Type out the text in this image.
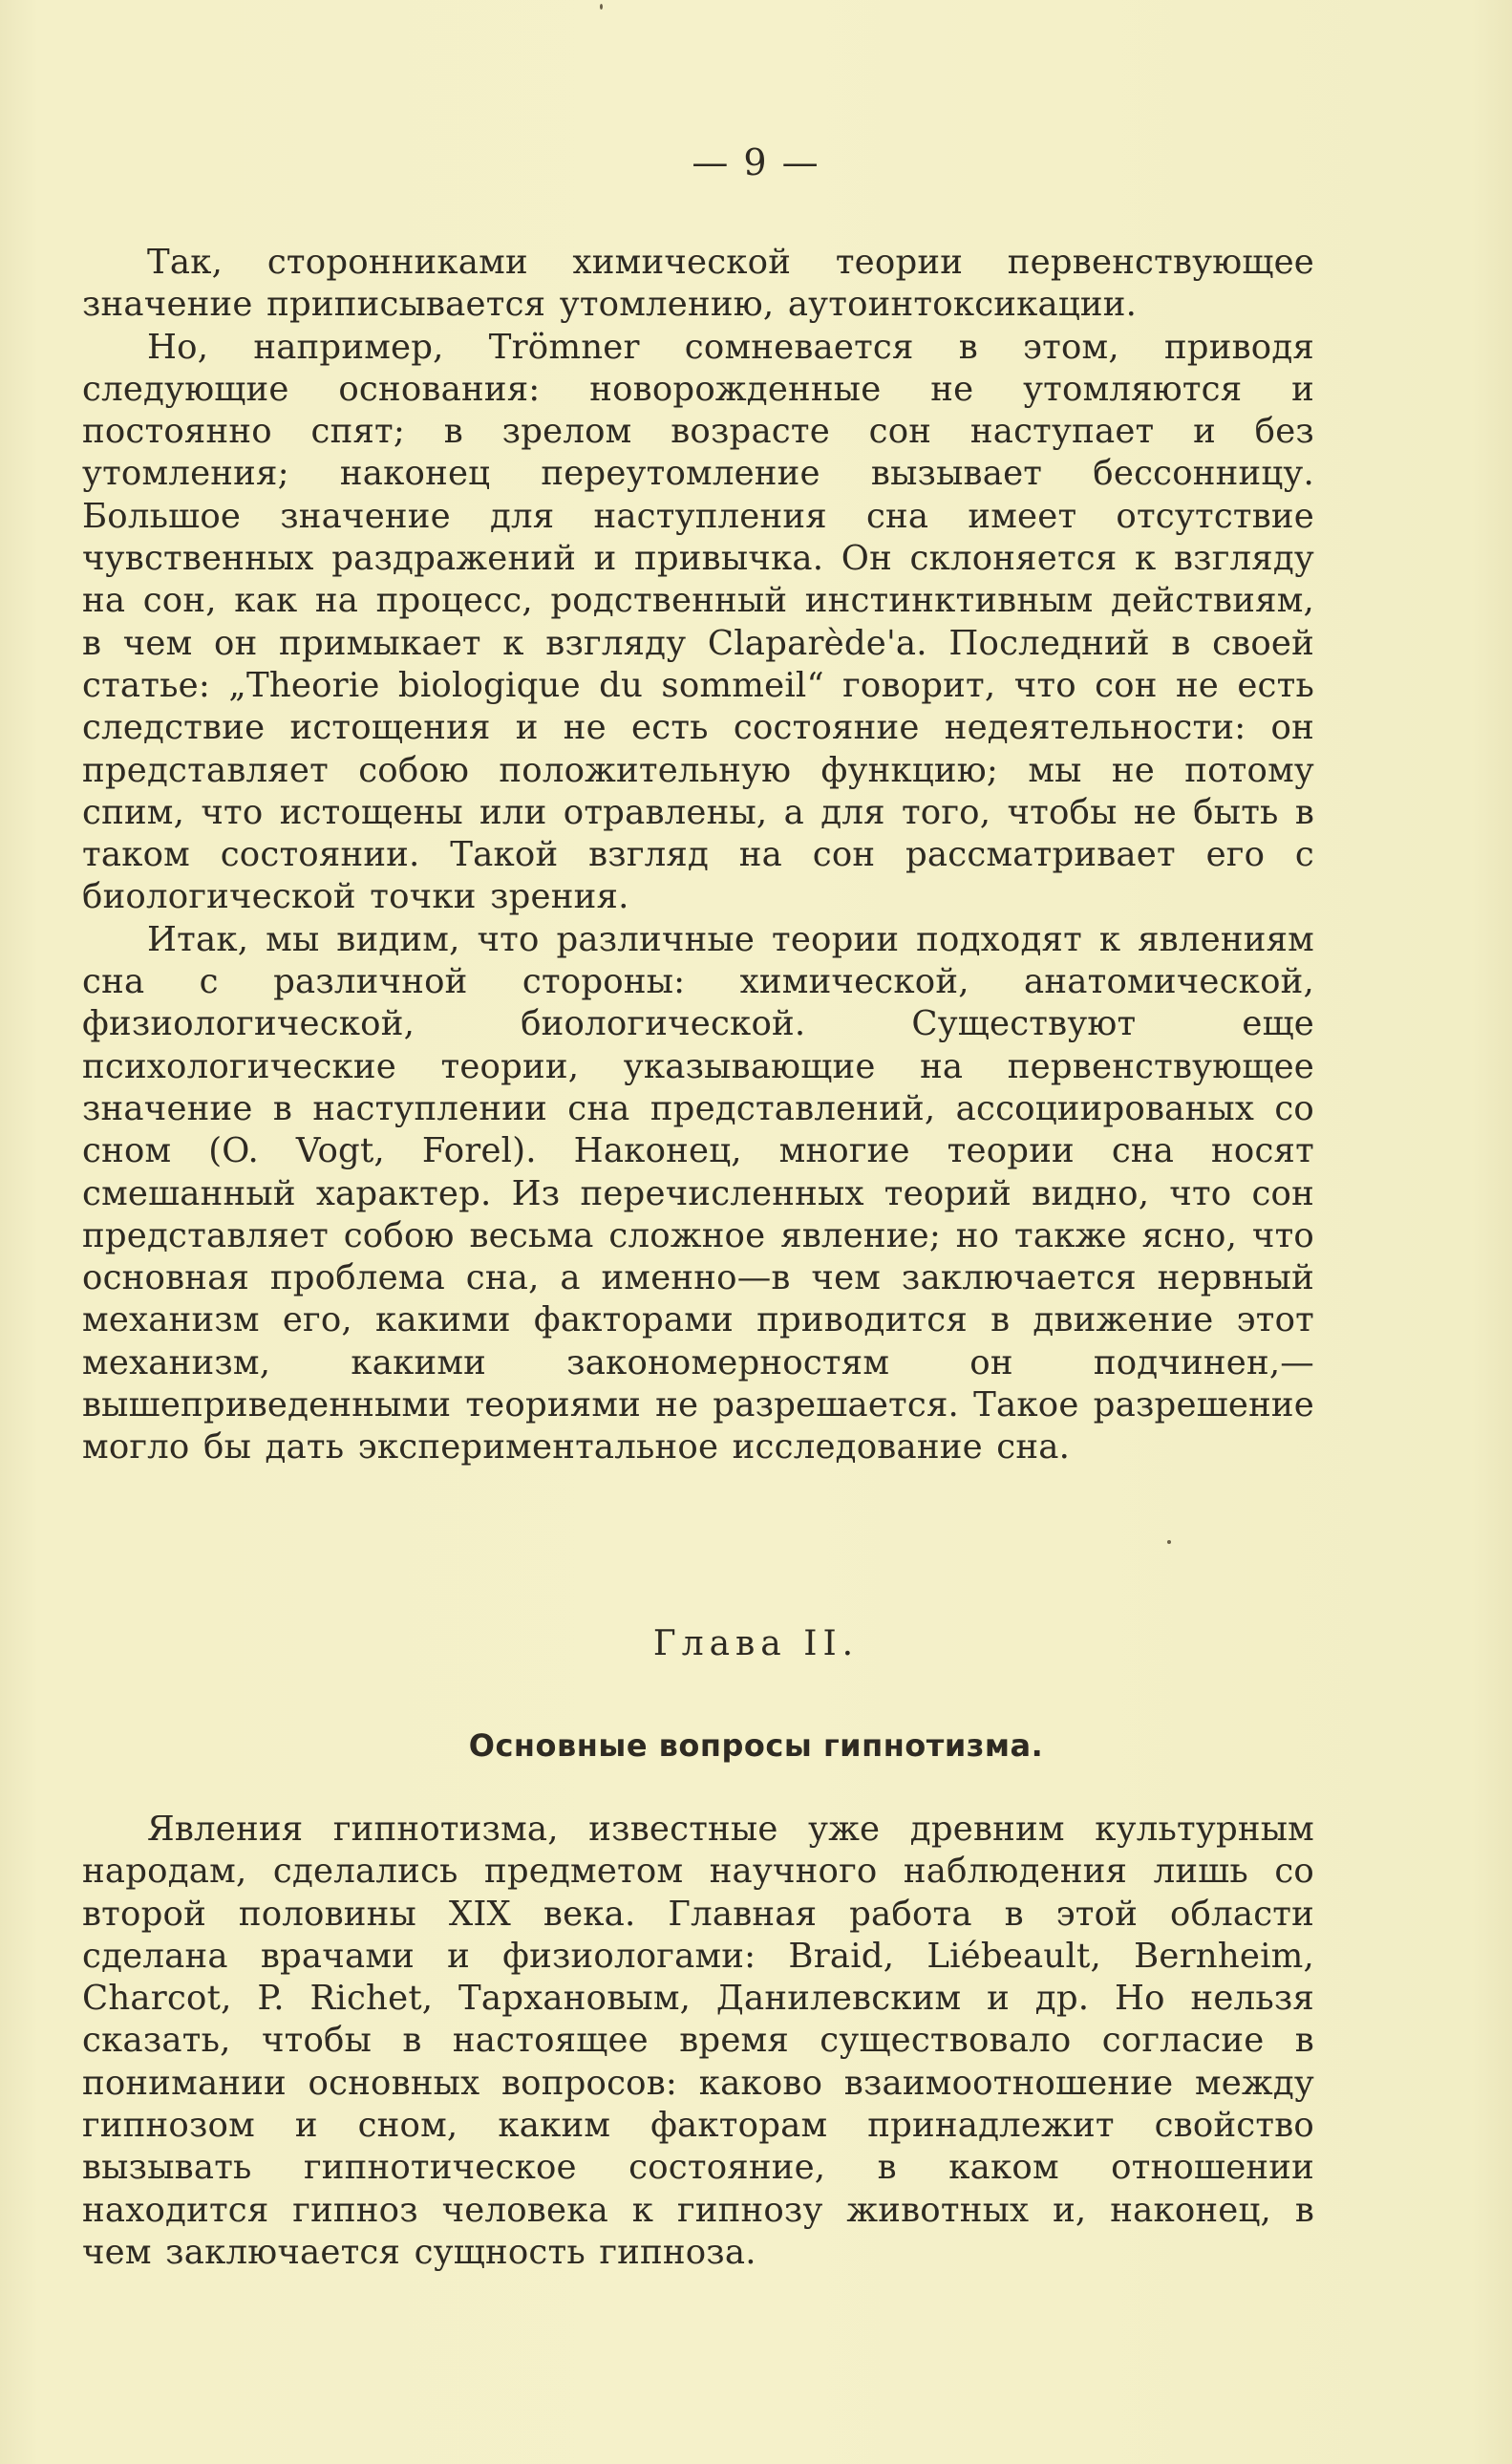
— 9 —

Так, сторонниками химической теории первенствующее значение приписывается утомлению, аутоинтоксикации.

Но, например, Trömner сомневается в этом, приводя следующие основания: новорожденные не утомляются и постоянно спят; в зрелом возрасте сон наступает и без утомления; наконец переутомление вызывает бессонницу. Большое значение для наступления сна имеет отсутствие чувственных раздражений и привычка. Он склоняется к взгляду на сон, как на процесс, родственный инстинктивным действиям, в чем он примыкает к взгляду Claparède'a. Последний в своей статье: „Theorie biologique du sommeil“ говорит, что сон не есть следствие истощения и не есть состояние недеятельности: он представляет собою положительную функцию; мы не потому спим, что истощены или отравлены, а для того, чтобы не быть в таком состоянии. Такой взгляд на сон рассматривает его с биологической точки зрения.

Итак, мы видим, что различные теории подходят к явлениям сна с различной стороны: химической, анатомической, физиологической, биологической. Существуют еще психологические теории, указывающие на первенствующее значение в наступлении сна представлений, ассоциированых со сном (O. Vogt, Forel). Наконец, многие теории сна носят смешанный характер. Из перечисленных теорий видно, что сон представляет собою весьма сложное явление; но также ясно, что основная проблема сна, а именно—в чем заключается нервный механизм его, какими факторами приводится в движение этот механизм, какими закономерностям он подчинен,—вышеприведенными теориями не разрешается. Такое разрешение могло бы дать экспериментальное исследование сна.

Глава II.
Основные вопросы гипнотизма.

Явления гипнотизма, известные уже древним культурным народам, сделались предметом научного наблюдения лишь со второй половины XIX века. Главная работа в этой области сделана врачами и физиологами: Braid, Liébeault, Bernheim, Charcot, P. Richet, Тархановым, Данилевским и др. Но нельзя сказать, чтобы в настоящее время существовало согласие в понимании основных вопросов: каково взаимоотношение между гипнозом и сном, каким факторам принадлежит свойство вызывать гипнотическое состояние, в каком отношении находится гипноз человека к гипнозу животных и, наконец, в чем заключается сущность гипноза.
